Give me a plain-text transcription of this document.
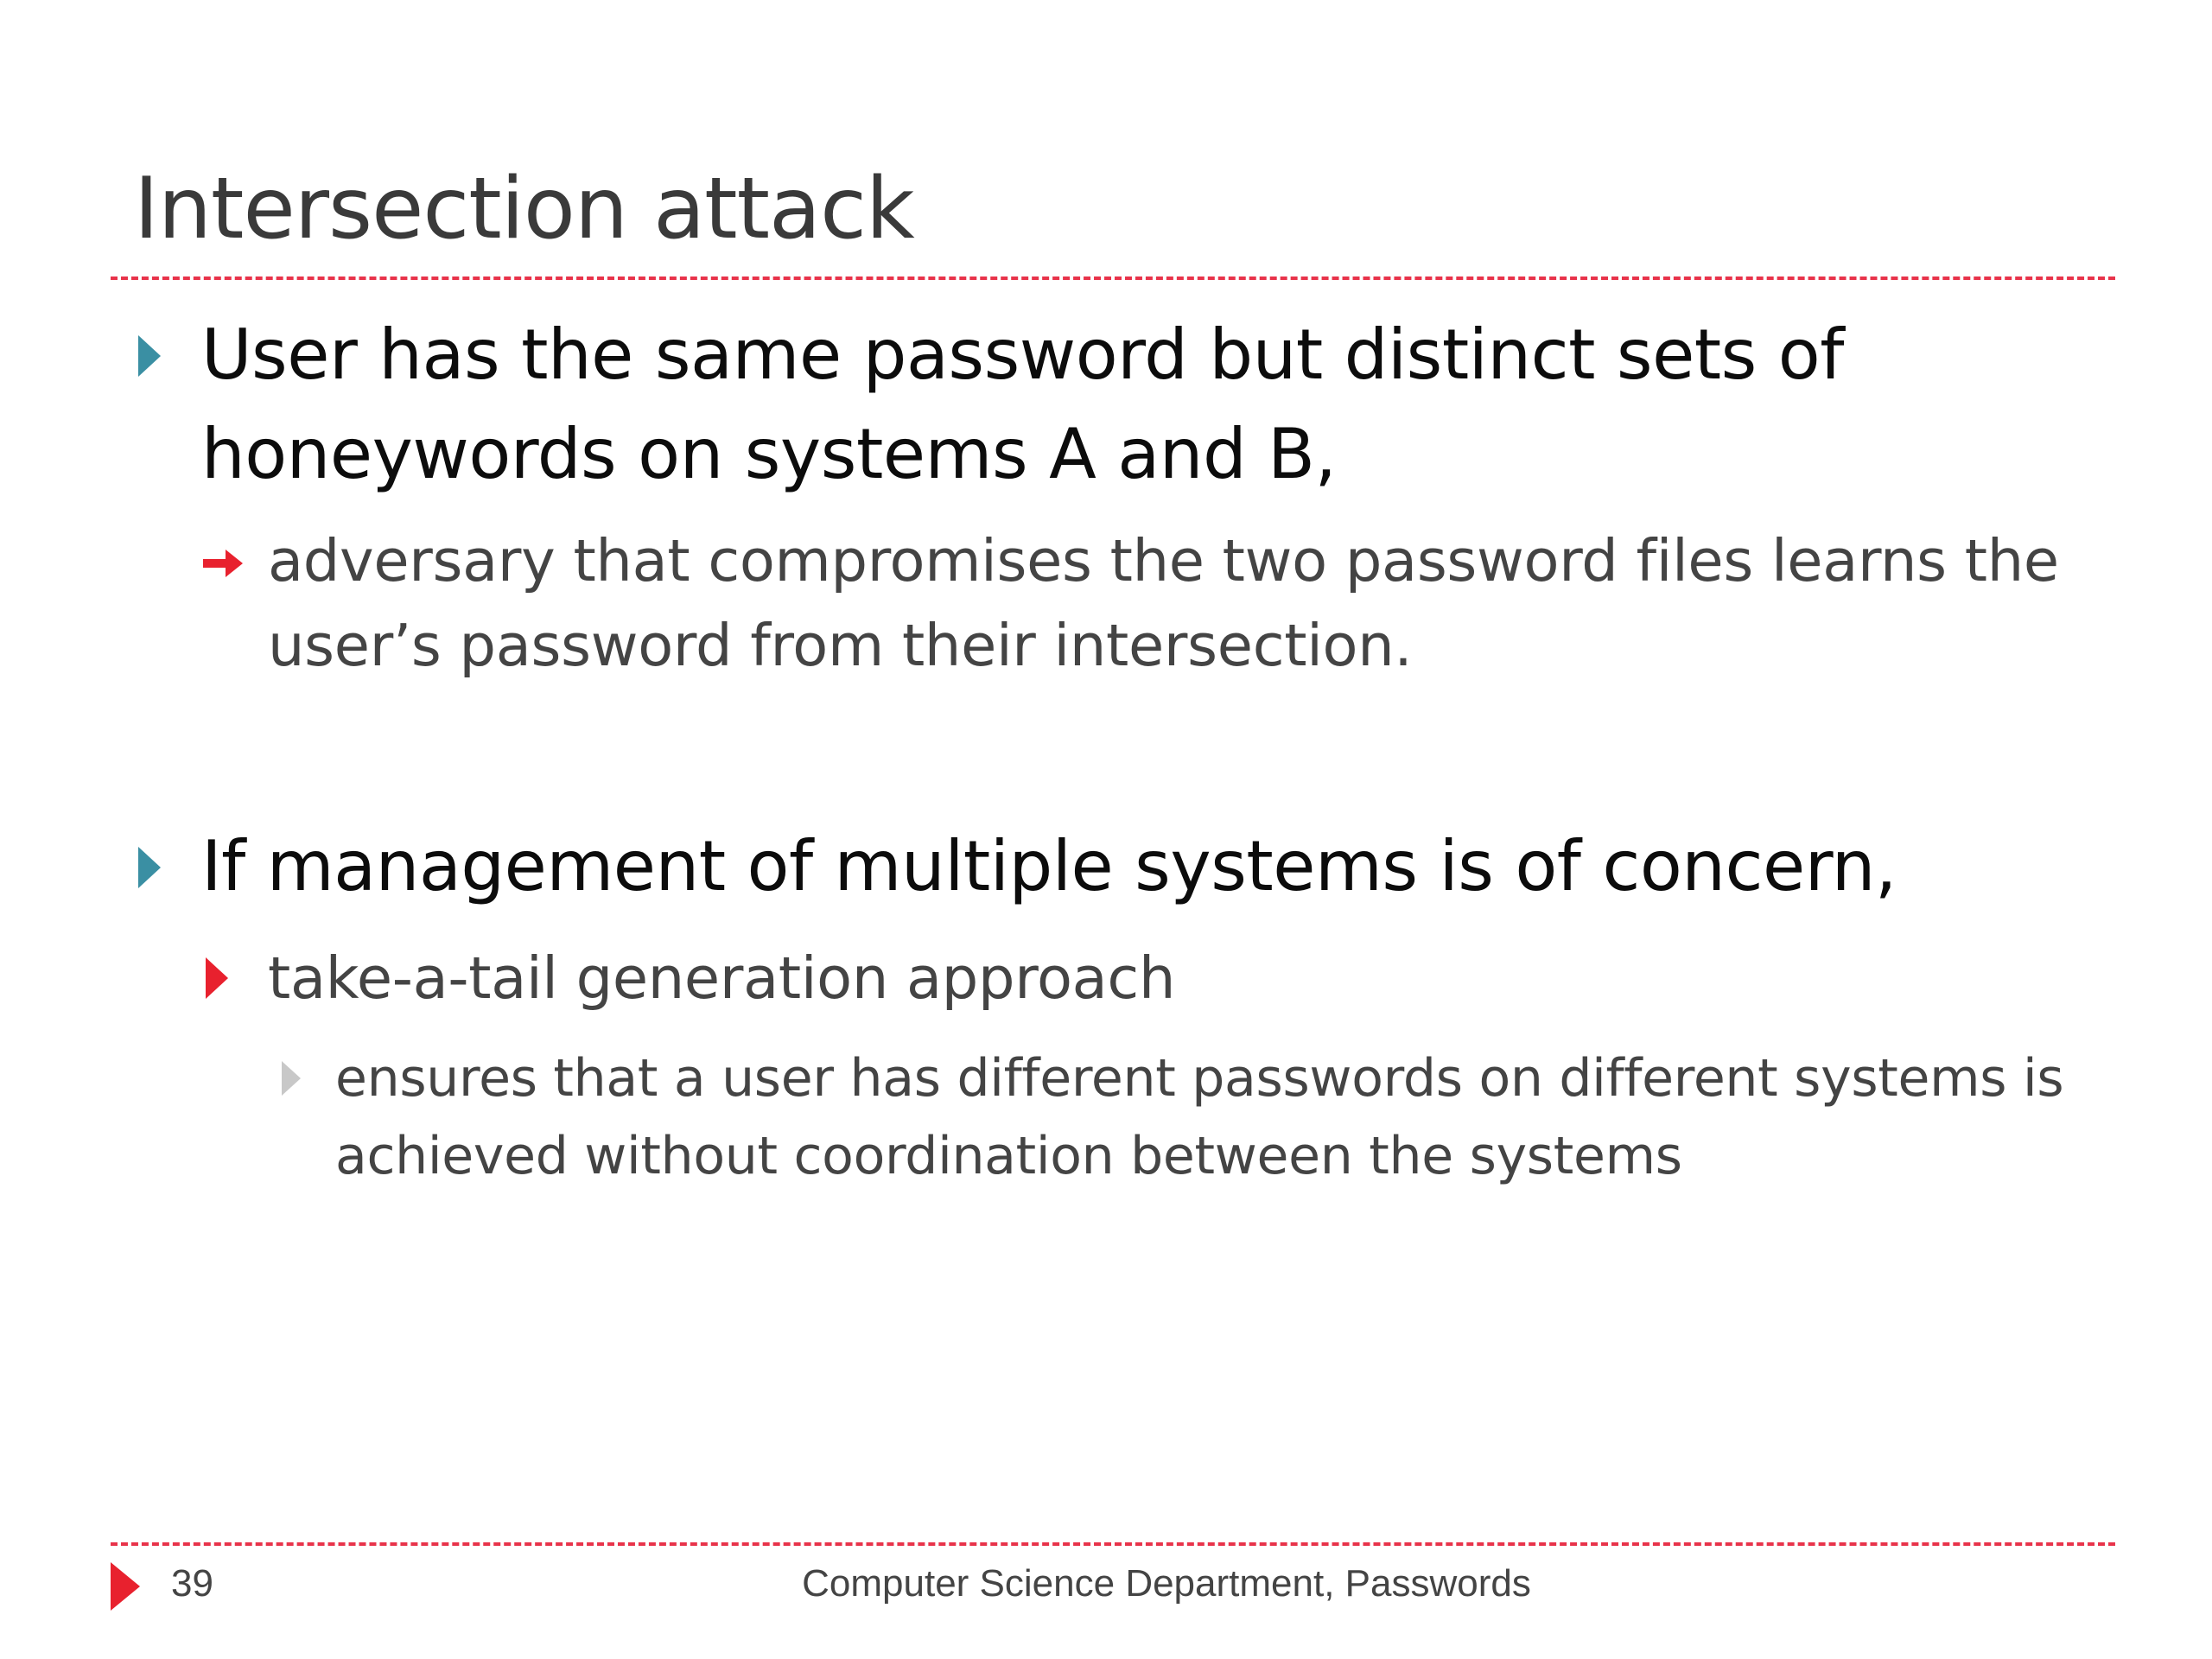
Intersection attack
User has the same password but distinct sets of
honeywords on systems A and B,
adversary that compromises the two password files learns the
user’s password from their intersection.
If management of multiple systems is of concern,
take-a-tail generation approach
ensures that a user has different passwords on different systems is
achieved without coordination between the systems
39	Computer Science Department, Passwords
